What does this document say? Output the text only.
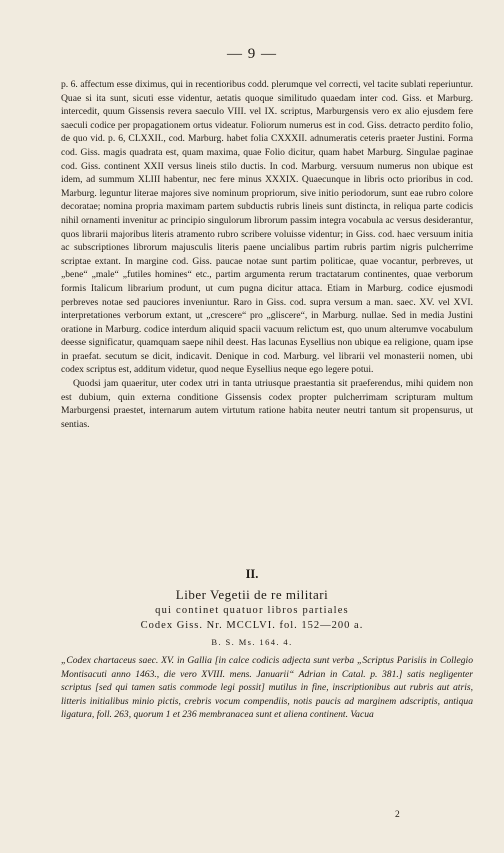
— 9 —

p. 6. affectum esse diximus, qui in recentioribus codd. plerumque vel correcti, vel tacite sublati reperiuntur. Quae si ita sunt, sicuti esse videntur, aetatis quoque similitudo quaedam inter cod. Giss. et Marburg. intercedit, quum Gissensis revera saeculo VIII. vel IX. scriptus, Marburgensis vero ex alio ejusdem fere saeculi codice per propagationem ortus videatur. Foliorum numerus est in cod. Giss. detracto perdito folio, de quo vid. p. 6, CLXXII., cod. Marburg. habet folia CXXXII. adnumeratis ceteris praeter Justini. Forma cod. Giss. magis quadrata est, quam maxima, quae Folio dicitur, quam habet Marburg. Singulae paginae cod. Giss. continent XXII versus lineis stilo ductis. In cod. Marburg. versuum numerus non ubique est idem, ad summum XLIII habentur, nec fere minus XXXIX. Quaecunque in libris octo prioribus in cod. Marburg. leguntur literae majores sive nominum propriorum, sive initio periodorum, sunt eae rubro colore decoratae; nomina propria maximam partem subductis rubris lineis sunt distincta, in reliqua parte codicis nihil ornamenti invenitur ac principio singulorum librorum passim integra vocabula ac versus desiderantur, quos librarii majoribus literis atramento rubro scribere voluisse videntur; in Giss. cod. haec versuum initia ac subscriptiones librorum majusculis literis paene uncialibus partim rubris partim nigris pulcherrime scriptae extant. In margine cod. Giss. paucae notae sunt partim politicae, quae vocantur, perbreves, ut „bene“ „male“ „futiles homines“ etc., partim argumenta rerum tractatarum continentes, quae verborum formis Italicum librarium produnt, ut cum pugna dicitur attaca. Etiam in Marburg. codice ejusmodi perbreves notae sed pauciores inveniuntur. Raro in Giss. cod. supra versum a man. saec. XV. vel XVI. interpretationes verborum extant, ut „crescere“ pro „gliscere“, in Marburg. nullae. Sed in media Justini oratione in Marburg. codice interdum aliquid spacii vacuum relictum est, quo unum alterumve vocabulum deesse significatur, quamquam saepe nihil deest. Has lacunas Eysellius non ubique ea religione, quam ipse in praefat. secutum se dicit, indicavit. Denique in cod. Marburg. vel librarii vel monasterii nomen, ubi codex scriptus est, additum videtur, quod neque Eysellius neque ego legere potui.

Quodsi jam quaeritur, uter codex utri in tanta utriusque praestantia sit praeferendus, mihi quidem non est dubium, quin externa conditione Gissensis codex propter pulcherrimam scripturam multum Marburgensi praestet, internarum autem virtutum ratione habita neuter neutri tantum sit propensurus, ut sentias.

II.
Liber Vegetii de re militari
qui continet quatuor libros partiales
Codex Giss. Nr. MCCLVI. fol. 152—200 a.
B. S. Ms. 164. 4.
„Codex chartaceus saec. XV. in Gallia [in calce codicis adjecta sunt verba „Scriptus Parisiis in Collegio Montisacuti anno 1463., die vero XVIII. mens. Januarii“ Adrian in Catal. p. 381.] satis negligenter scriptus [sed qui tamen satis commode legi possit] mutilus in fine, inscriptionibus aut rubris aut atris, litteris initialibus minio pictis, crebris vocum compendiis, notis paucis ad marginem adscriptis, antiqua ligatura, foll. 263, quorum 1 et 236 membranacea sunt et aliena continent. Vacua
2
